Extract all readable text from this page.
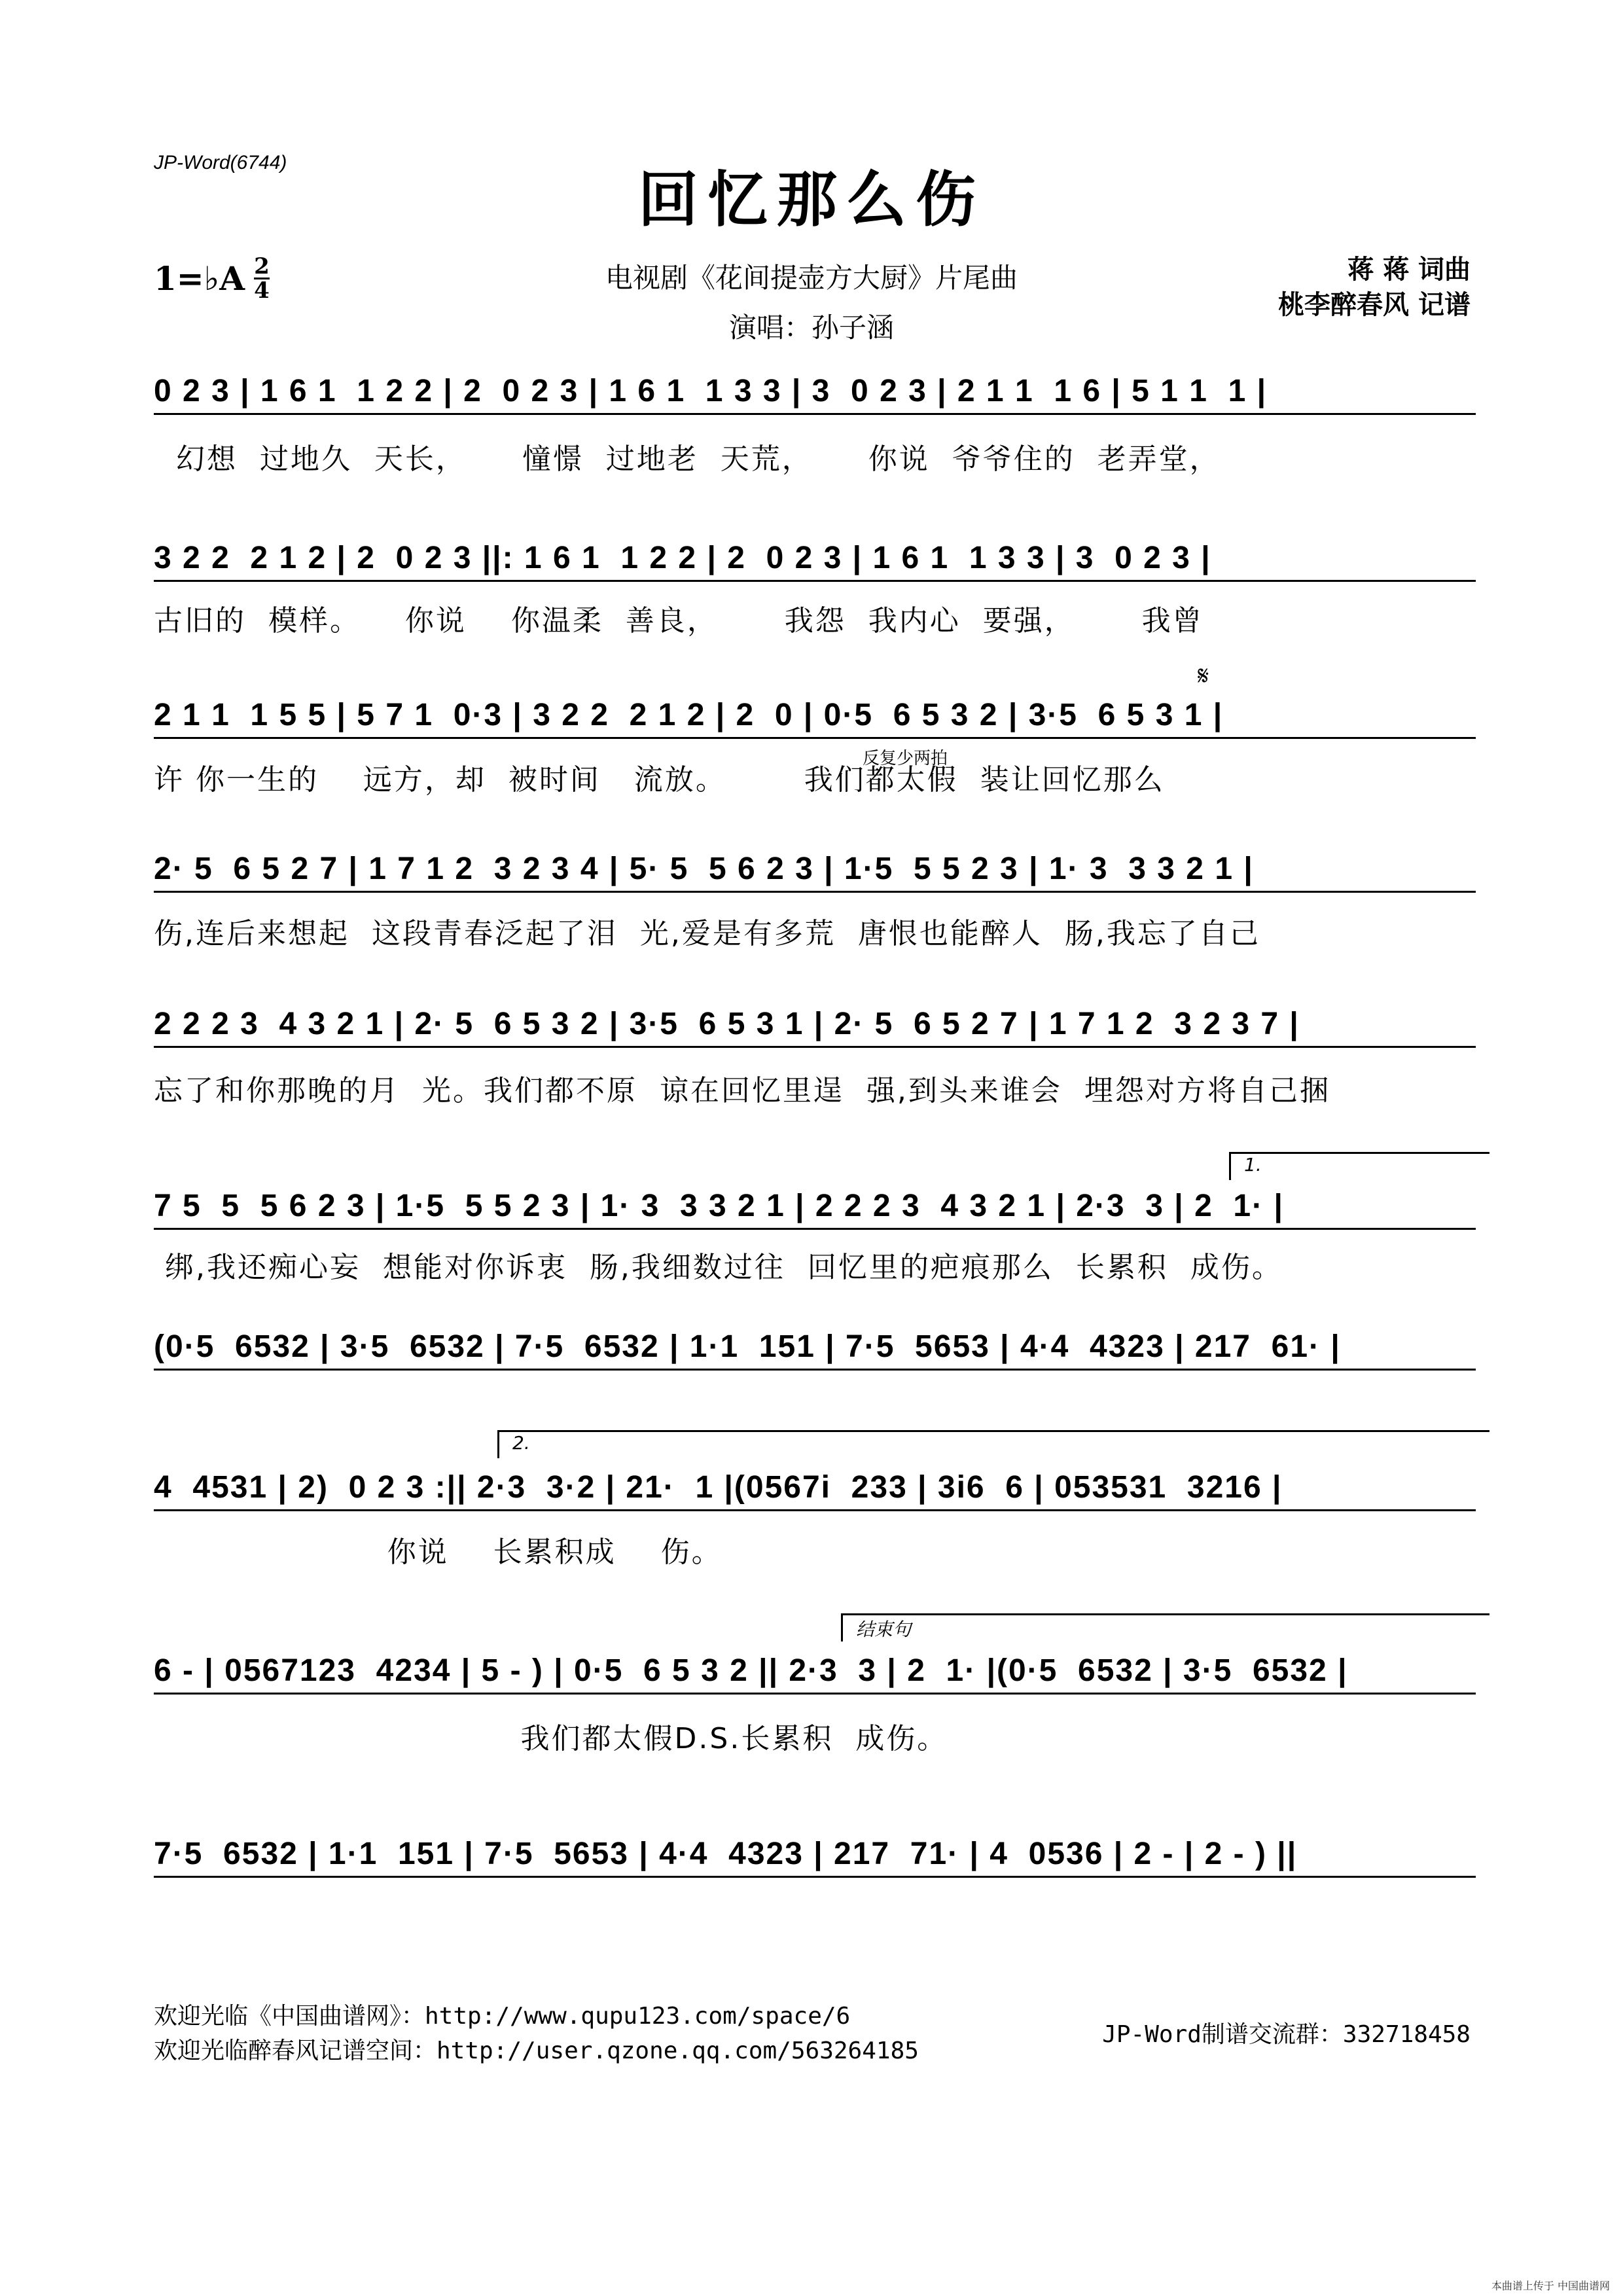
JP-Word(6744)
回忆那么伤
1=♭A $\frac{2}{4}$	电视剧《花间提壶方大厨》片尾曲
演唱：孙子涵
蒋 蒋 词曲
桃李醉春风 记谱
0 2 3 | 1 6 1  1 2 2 | 2  0 2 3 | 1 6 1  1 3 3 | 3  0 2 3 | 2 1 1  1 6 | 5 1 1  1 |
幻想  过地久  天长，     憧憬  过地老  天荒，     你说  爷爷住的  老弄堂，
3 2 2  2 1 2 | 2  0 2 3 ||: 1 6 1  1 2 2 | 2  0 2 3 | 1 6 1  1 3 3 | 3  0 2 3 |
古旧的  模样。    你说    你温柔  善良，      我怨  我内心  要强，      我曾
𝄋
2 1 1  1 5 5 | 5 7 1  0·3 | 3 2 2  2 1 2 | 2  0 | 0·5  6 5 3 2 | 3·5  6 5 3 1 |
反复少两拍
许 你一生的    远方，却  被时间   流放。       我们都太假  装让回忆那么
2· 5  6 5 2 7 | 1 7 1 2  3 2 3 4 | 5· 5  5 6 2 3 | 1·5  5 5 2 3 | 1· 3  3 3 2 1 |
伤,连后来想起  这段青春泛起了泪  光,爱是有多荒  唐恨也能醉人  肠,我忘了自己
2 2 2 3  4 3 2 1 | 2· 5  6 5 3 2 | 3·5  6 5 3 1 | 2· 5  6 5 2 7 | 1 7 1 2  3 2 3 7 |
忘了和你那晚的月  光。我们都不原  谅在回忆里逞  强,到头来谁会  埋怨对方将自己捆
1.
7 5  5  5 6 2 3 | 1·5  5 5 2 3 | 1· 3  3 3 2 1 | 2 2 2 3  4 3 2 1 | 2·3  3 | 2  1· |
绑,我还痴心妄  想能对你诉衷  肠,我细数过往  回忆里的疤痕那么  长累积  成伤。
(0·5  6532 | 3·5  6532 | 7·5  6532 | 1·1  151 | 7·5  5653 | 4·4  4323 | 217  61· |
2.
4  4531 | 2)  0 2 3 :|| 2·3  3·2 | 21·  1 |(0567i  233 | 3i6  6 | 053531  3216 |
你说    长累积成    伤。
结束句
6 - | 0567123  4234 | 5 - ) | 0·5  6 5 3 2 || 2·3  3 | 2  1· |(0·5  6532 | 3·5  6532 |
我们都太假D.S.长累积  成伤。
7·5  6532 | 1·1  151 | 7·5  5653 | 4·4  4323 | 217  71· | 4  0536 | 2 - | 2 - ) ||
欢迎光临《中国曲谱网》：http://www.qupu123.com/space/6
欢迎光临醉春风记谱空间：http://user.qzone.qq.com/563264185
JP-Word制谱交流群：332718458
本曲谱上传于 中国曲谱网
